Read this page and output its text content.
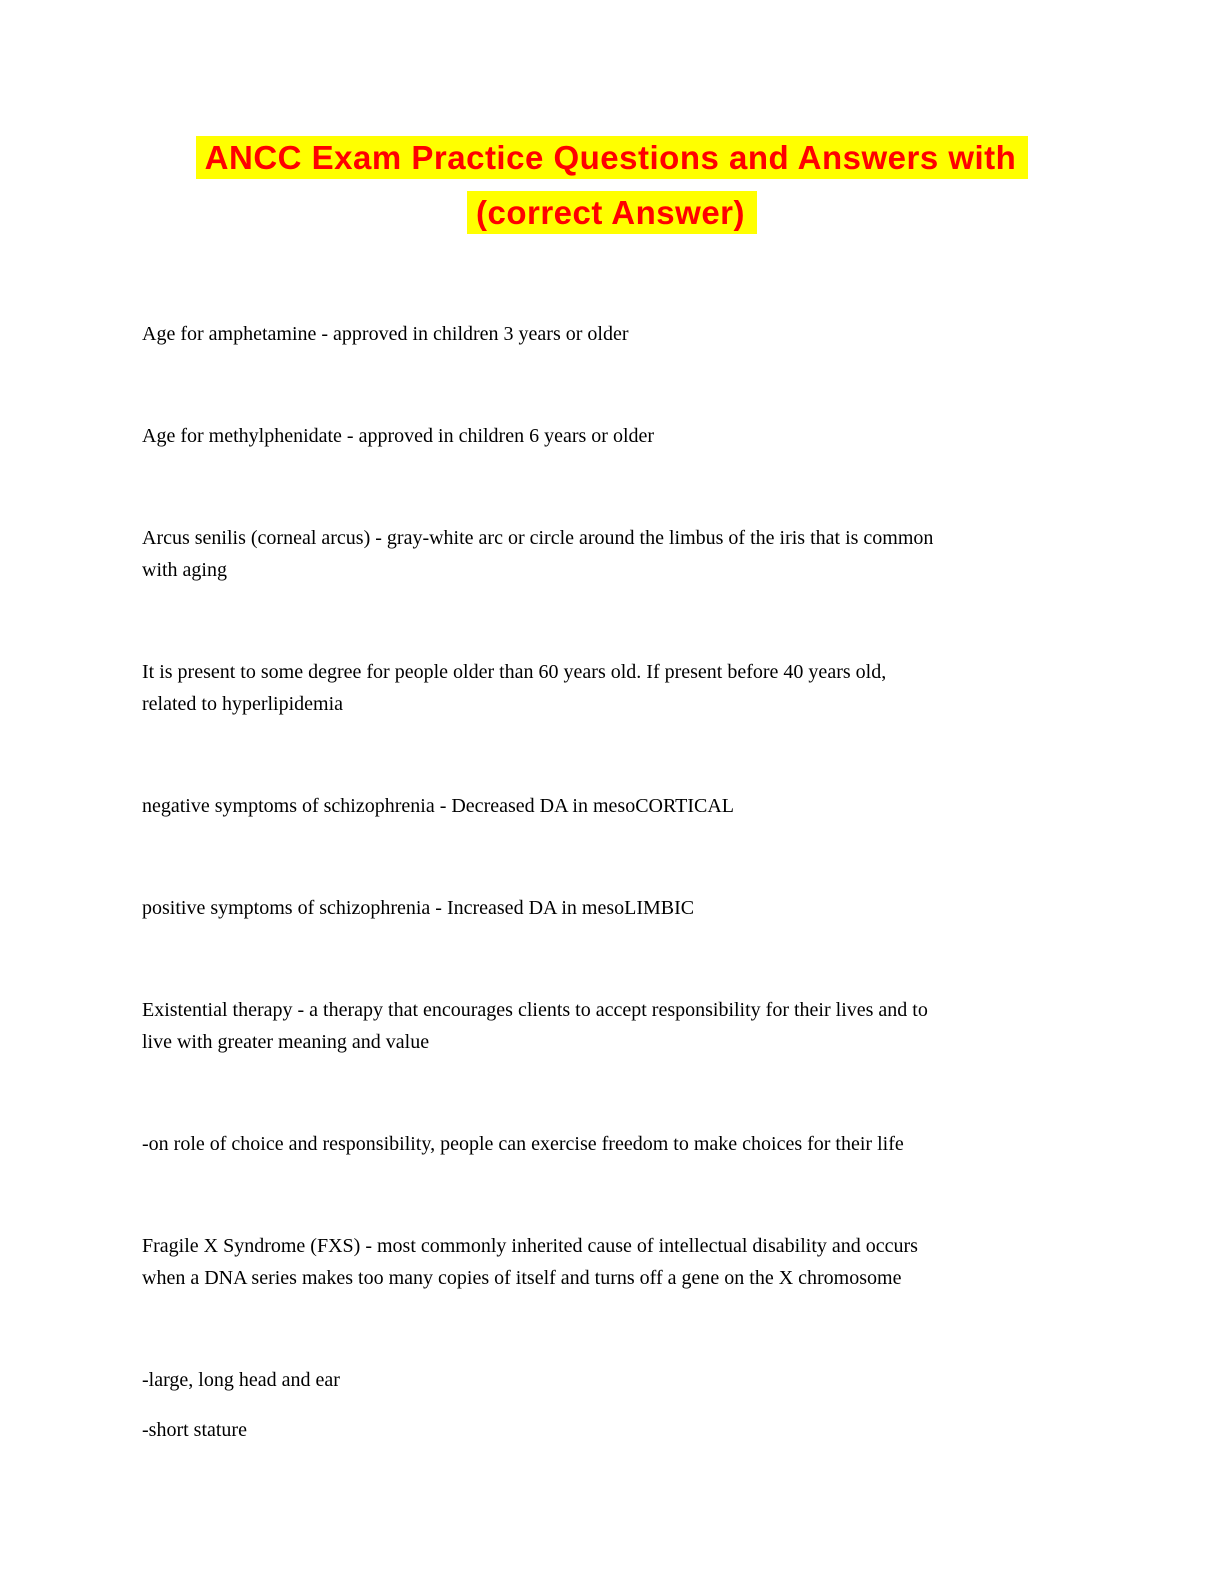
ANCC Exam Practice Questions and Answers with
(correct Answer)

Age for amphetamine - approved in children 3 years or older

Age for methylphenidate - approved in children 6 years or older

Arcus senilis (corneal arcus) - gray-white arc or circle around the limbus of the iris that is common
with aging

It is present to some degree for people older than 60 years old. If present before 40 years old,
related to hyperlipidemia

negative symptoms of schizophrenia - Decreased DA in mesoCORTICAL

positive symptoms of schizophrenia - Increased DA in mesoLIMBIC

Existential therapy - a therapy that encourages clients to accept responsibility for their lives and to
live with greater meaning and value

-on role of choice and responsibility, people can exercise freedom to make choices for their life

Fragile X Syndrome (FXS) - most commonly inherited cause of intellectual disability and occurs
when a DNA series makes too many copies of itself and turns off a gene on the X chromosome

-large, long head and ear

-short stature
